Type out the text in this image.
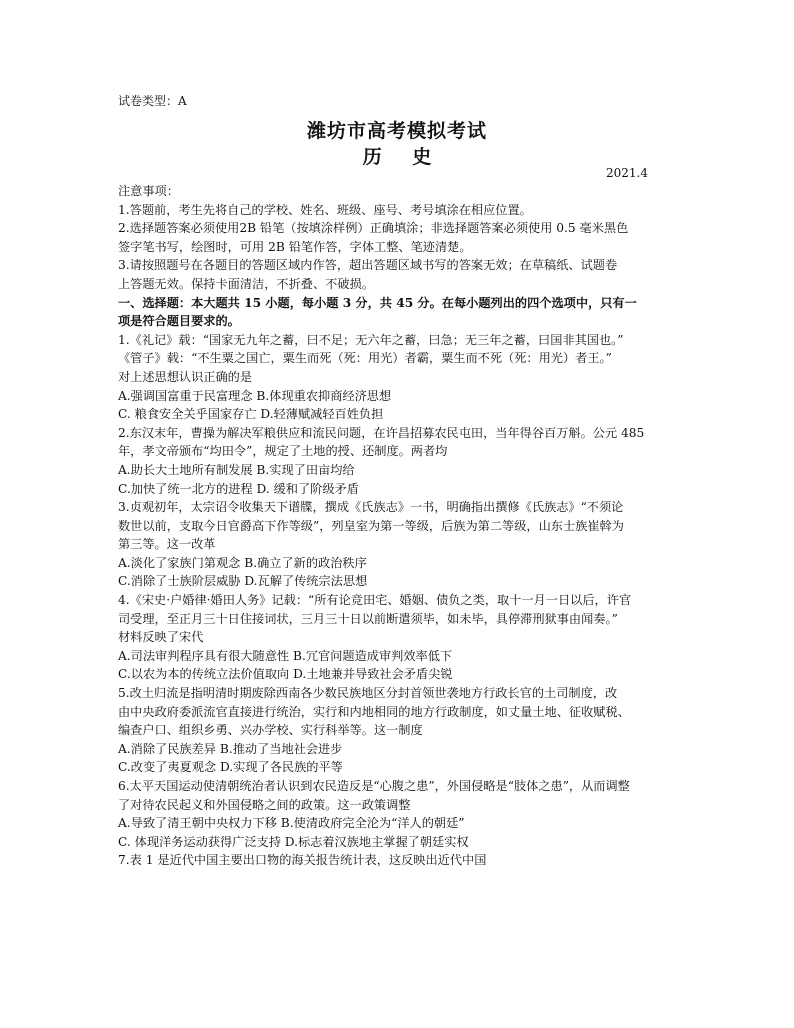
试卷类型：A
潍坊市高考模拟考试
历 史
2021.4
注意事项：
1.答题前，考生先将自己的学校、姓名、班级、座号、考号填涂在相应位置。
2.选择题答案必须使用2B 铅笔（按填涂样例）正确填涂；非选择题答案必须使用 0.5 毫米黑色
签字笔书写，绘图时，可用 2B 铅笔作答，字体工整、笔迹清楚。
3.请按照题号在各题目的答题区域内作答，超出答题区域书写的答案无效；在草稿纸、试题卷
上答题无效。保持卡面清洁，不折叠、不破损。
一、选择题：本大题共 15 小题，每小题 3 分，共 45 分。在每小题列出的四个选项中，只有一
项是符合题目要求的。
1.《礼记》载：“国家无九年之蓄，曰不足；无六年之蓄，曰急；无三年之蓄，曰国非其国也。”
《管子》载：“不生粟之国亡，粟生而死（死：用光）者霸，粟生而不死（死：用光）者王。”
对上述思想认识正确的是
A.强调国富重于民富理念 B.体现重农抑商经济思想
C. 粮食安全关乎国家存亡 D.轻薄赋减轻百姓负担
2.东汉末年，曹操为解决军粮供应和流民问题，在许昌招募农民屯田，当年得谷百万斛。公元 485
年，孝文帝颁布“均田令”，规定了土地的授、还制度。两者均
A.助长大土地所有制发展 B.实现了田亩均给
C.加快了统一北方的进程 D. 缓和了阶级矛盾
3.贞观初年，太宗诏令收集天下谱牒，撰成《氏族志》一书，明确指出撰修《氏族志》“不须论
数世以前，支取今日官爵高下作等级”，列皇室为第一等级，后族为第二等级，山东士族崔斡为
第三等。这一改革
A.淡化了家族门第观念 B.确立了新的政治秩序
C.消除了士族阶层威胁 D.瓦解了传统宗法思想
4.《宋史·户婚律·婚田人务》记载：“所有论竞田宅、婚姻、债负之类，取十一月一日以后，许官
司受理，至正月三十日住接词状，三月三十日以前断遣须毕，如未毕，具停滞刑狱事由闻奏。”
材料反映了宋代
A.司法审判程序具有很大随意性 B.冗官问题造成审判效率低下
C.以农为本的传统立法价值取向 D.土地兼并导致社会矛盾尖锐
5.改土归流是指明清时期废除西南各少数民族地区分封首领世袭地方行政长官的土司制度，改
由中央政府委派流官直接进行统治，实行和内地相同的地方行政制度，如丈量土地、征收赋税、
编查户口、组织乡勇、兴办学校、实行科举等。这一制度
A.消除了民族差异 B.推动了当地社会进步
C.改变了夷夏观念 D.实现了各民族的平等
6.太平天国运动使清朝统治者认识到农民造反是“心腹之患”，外国侵略是“肢体之患”，从而调整
了对待农民起义和外国侵略之间的政策。这一政策调整
A.导致了清王朝中央权力下移 B.使清政府完全沦为“洋人的朝廷”
C. 体现洋务运动获得广泛支持 D.标志着汉族地主掌握了朝廷实权
7.表 1 是近代中国主要出口物的海关报告统计表，这反映出近代中国
